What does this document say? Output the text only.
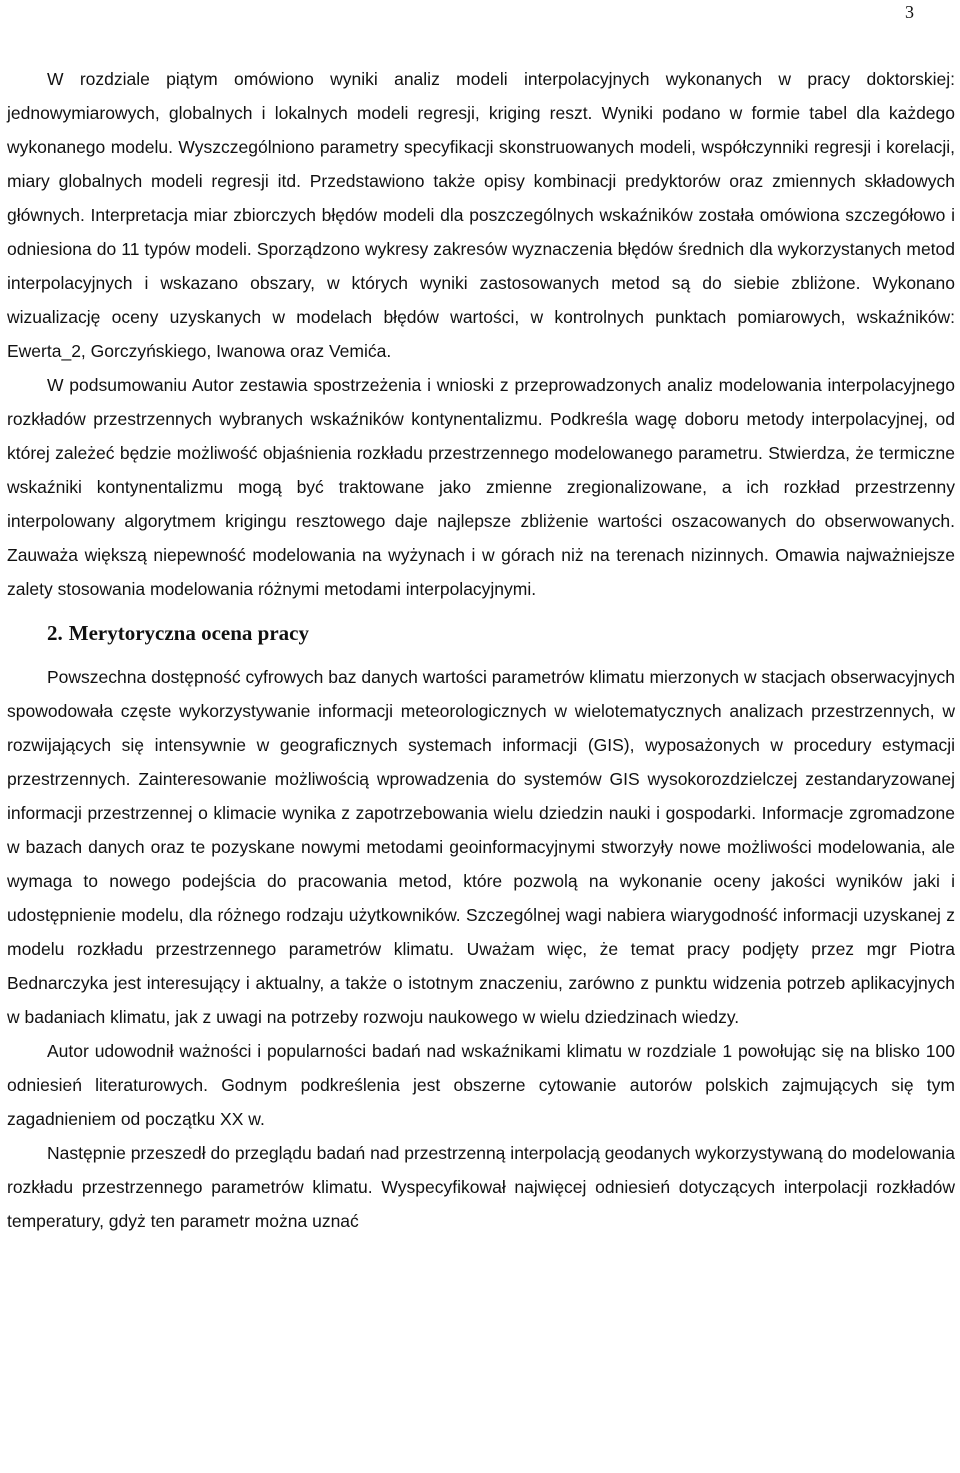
3

W rozdziale piątym omówiono wyniki analiz modeli interpolacyjnych wykonanych w pracy doktorskiej: jednowymiarowych, globalnych i lokalnych modeli regresji, kriging reszt. Wyniki podano w formie tabel dla każdego wykonanego modelu. Wyszczególniono parametry specyfikacji skonstruowanych modeli, współczynniki regresji i korelacji, miary globalnych modeli regresji itd. Przedstawiono także opisy kombinacji predyktorów oraz zmiennych składowych głównych. Interpretacja miar zbiorczych błędów modeli dla poszczególnych wskaźników została omówiona szczegółowo i odniesiona do 11 typów modeli. Sporządzono wykresy zakresów wyznaczenia błędów średnich dla wykorzystanych metod interpolacyjnych i wskazano obszary, w których wyniki zastosowanych metod są do siebie zbliżone. Wykonano wizualizację oceny uzyskanych w modelach błędów wartości, w kontrolnych punktach pomiarowych, wskaźników: Ewerta_2, Gorczyńskiego, Iwanowa oraz Vemića.

W podsumowaniu Autor zestawia spostrzeżenia i wnioski z przeprowadzonych analiz modelowania interpolacyjnego rozkładów przestrzennych wybranych wskaźników kontynentalizmu. Podkreśla wagę doboru metody interpolacyjnej, od której zależeć będzie możliwość objaśnienia rozkładu przestrzennego modelowanego parametru. Stwierdza, że termiczne wskaźniki kontynentalizmu mogą być traktowane jako zmienne zregionalizowane, a ich rozkład przestrzenny interpolowany algorytmem krigingu resztowego daje najlepsze zbliżenie wartości oszacowanych do obserwowanych. Zauważa większą niepewność modelowania na wyżynach i w górach niż na terenach nizinnych. Omawia najważniejsze zalety stosowania modelowania różnymi metodami interpolacyjnymi.

2. Merytoryczna ocena pracy

Powszechna dostępność cyfrowych baz danych wartości parametrów klimatu mierzonych w stacjach obserwacyjnych spowodowała częste wykorzystywanie informacji meteorologicznych w wielotematycznych analizach przestrzennych, w rozwijających się intensywnie w geograficznych systemach informacji (GIS), wyposażonych w procedury estymacji przestrzennych. Zainteresowanie możliwością wprowadzenia do systemów GIS wysokorozdzielczej zestandaryzowanej informacji przestrzennej o klimacie wynika z zapotrzebowania wielu dziedzin nauki i gospodarki. Informacje zgromadzone w bazach danych oraz te pozyskane nowymi metodami geoinformacyjnymi stworzyły nowe możliwości modelowania, ale wymaga to nowego podejścia do pracowania metod, które pozwolą na wykonanie oceny jakości wyników jaki i udostępnienie modelu, dla różnego rodzaju użytkowników. Szczególnej wagi nabiera wiarygodność informacji uzyskanej z modelu rozkładu przestrzennego parametrów klimatu. Uważam więc, że temat pracy podjęty przez mgr Piotra Bednarczyka jest interesujący i aktualny, a także o istotnym znaczeniu, zarówno z punktu widzenia potrzeb aplikacyjnych w badaniach klimatu, jak z uwagi na potrzeby rozwoju naukowego w wielu dziedzinach wiedzy.

Autor udowodnił ważności i popularności badań nad wskaźnikami klimatu w rozdziale 1 powołując się na blisko 100 odniesień literaturowych. Godnym podkreślenia jest obszerne cytowanie autorów polskich zajmujących się tym zagadnieniem od początku XX w.

Następnie przeszedł do przeglądu badań nad przestrzenną interpolacją geodanych wykorzystywaną do modelowania rozkładu przestrzennego parametrów klimatu. Wyspecyfikował najwięcej odniesień dotyczących interpolacji rozkładów temperatury, gdyż ten parametr można uznać
